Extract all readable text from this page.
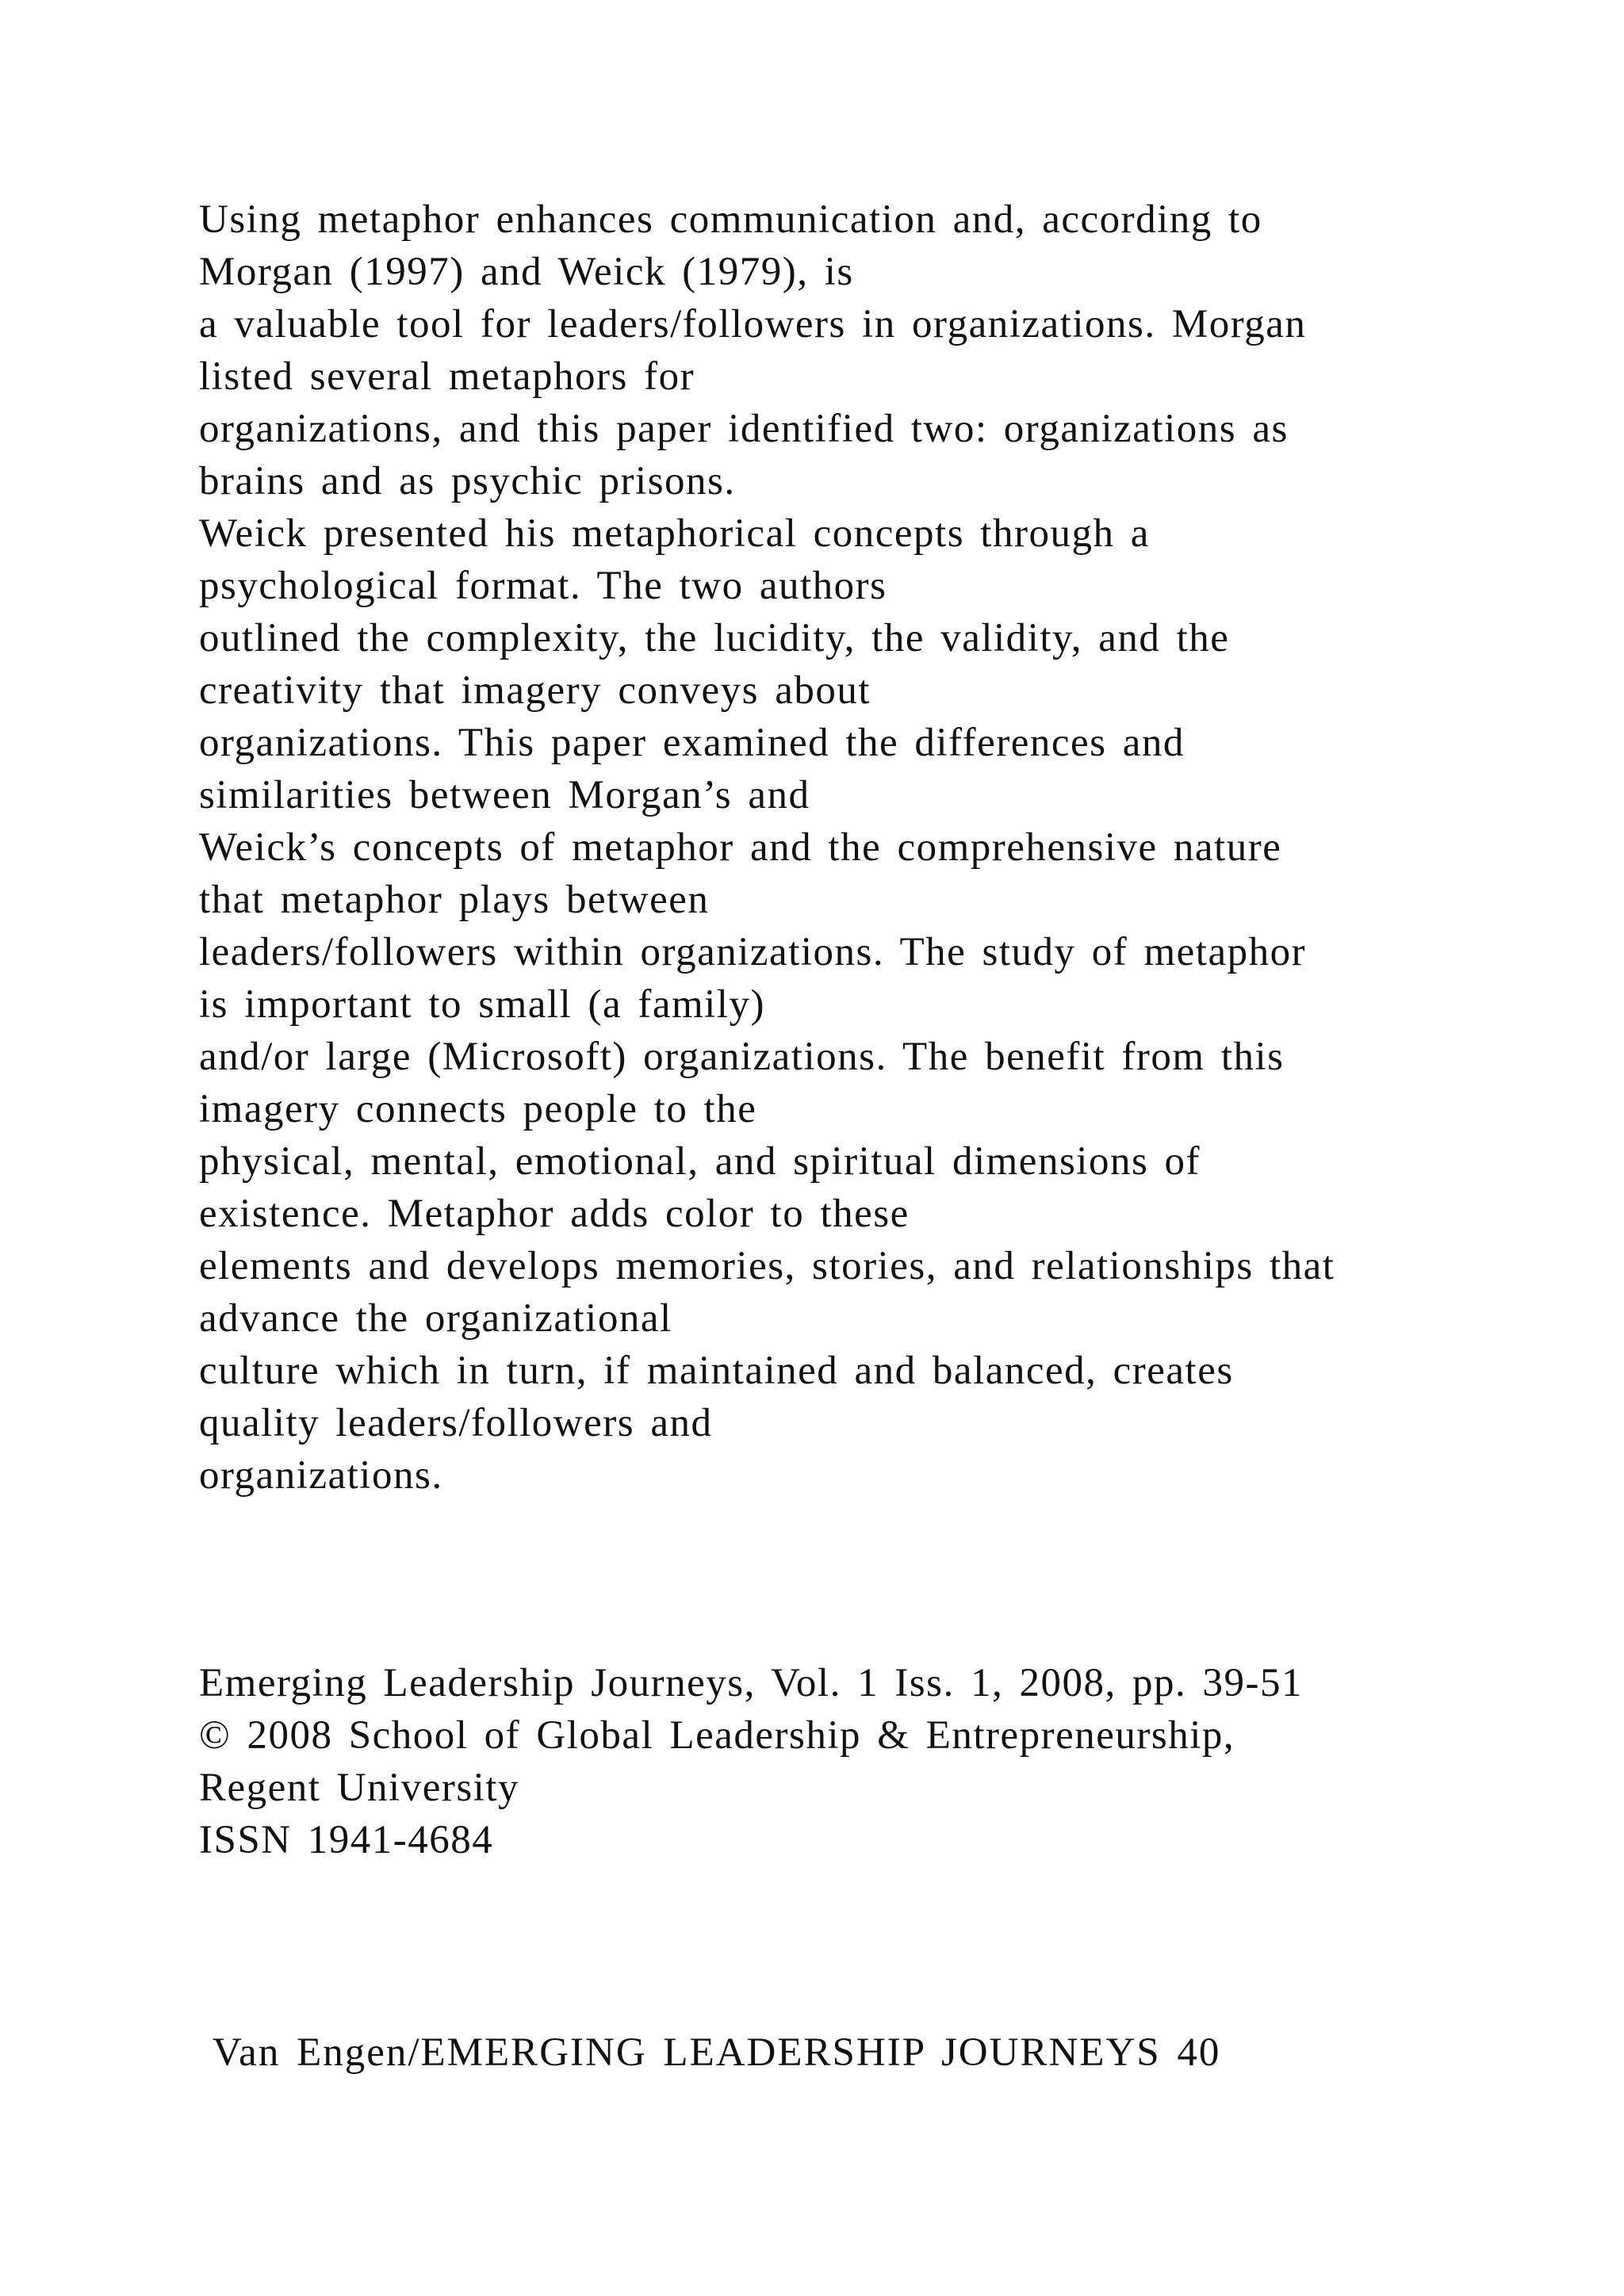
Using metaphor enhances communication and, according to
Morgan (1997) and Weick (1979), is
a valuable tool for leaders/followers in organizations. Morgan
listed several metaphors for
organizations, and this paper identified two: organizations as
brains and as psychic prisons.
Weick presented his metaphorical concepts through a
psychological format. The two authors
outlined the complexity, the lucidity, the validity, and the
creativity that imagery conveys about
organizations. This paper examined the differences and
similarities between Morgan’s and
Weick’s concepts of metaphor and the comprehensive nature
that metaphor plays between
leaders/followers within organizations. The study of metaphor
is important to small (a family)
and/or large (Microsoft) organizations. The benefit from this
imagery connects people to the
physical, mental, emotional, and spiritual dimensions of
existence. Metaphor adds color to these
elements and develops memories, stories, and relationships that
advance the organizational
culture which in turn, if maintained and balanced, creates
quality leaders/followers and
organizations.
Emerging Leadership Journeys, Vol. 1 Iss. 1, 2008, pp. 39-51
© 2008 School of Global Leadership & Entrepreneurship,
Regent University
ISSN 1941-4684
Van Engen/EMERGING LEADERSHIP JOURNEYS 40
